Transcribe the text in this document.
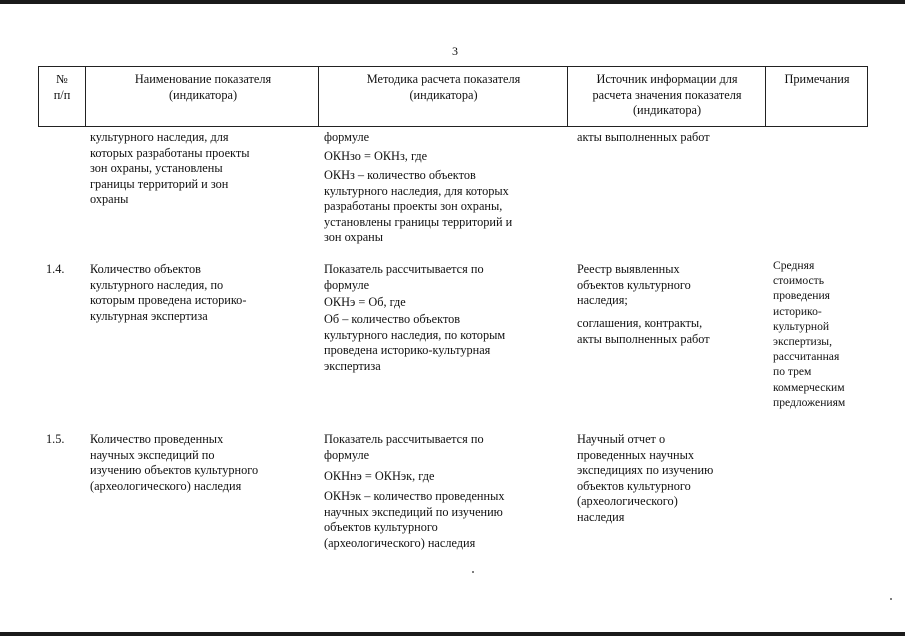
3
№
п/п
Наименование показателя
(индикатора)
Методика расчета показателя
(индикатора)
Источник информации для
расчета значения показателя
(индикатора)
Примечания
культурного наследия, для
которых разработаны проекты
зон охраны, установлены
границы территорий и зон
охраны
формуле
ОКНзо = ОКНз, где
ОКНз – количество объектов
культурного наследия, для которых
разработаны проекты зон охраны,
установлены границы территорий и
зон охраны
акты выполненных работ
1.4.	Количество объектов
культурного наследия, по
которым проведена историко-
культурная экспертиза
Показатель рассчитывается по
формуле
ОКНэ = Об, где
Об – количество объектов
культурного наследия, по которым
проведена историко-культурная
экспертиза
Реестр выявленных
объектов культурного
наследия;
соглашения, контракты,
акты выполненных работ
Средняя
стоимость
проведения
историко-
культурной
экспертизы,
рассчитанная
по трем
коммерческим
предложениям
1.5.	Количество проведенных
научных экспедиций по
изучению объектов культурного
(археологического) наследия
Показатель рассчитывается по
формуле
ОКНнэ = ОКНэк, где
ОКНэк – количество проведенных
научных экспедиций по изучению
объектов культурного
(археологического) наследия
Научный отчет о
проведенных научных
экспедициях по изучению
объектов культурного
(археологического)
наследия
